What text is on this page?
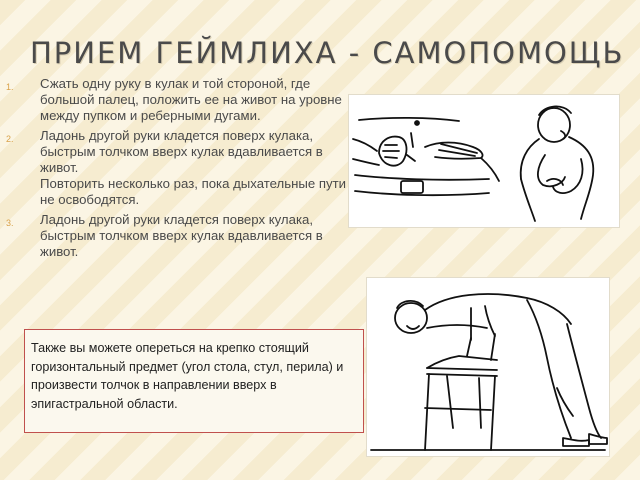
ПРИЕМ ГЕЙМЛИХА - САМОПОМОЩЬ
1. Сжать одну руку в кулак и той стороной, где большой палец, положить ее на живот на уровне между пупком и реберными дугами.
2. Ладонь другой руки кладется поверх кулака, быстрым толчком вверх кулак вдавливается в живот.
Повторить несколько раз, пока дыхательные пути не освободятся.
3. Ладонь другой руки кладется поверх кулака, быстрым толчком вверх кулак вдавливается в живот.
Также вы можете опереться на крепко стоящий горизонтальный предмет (угол стола, стул, перила) и произвести толчок в направлении вверх в эпигастральной области.
